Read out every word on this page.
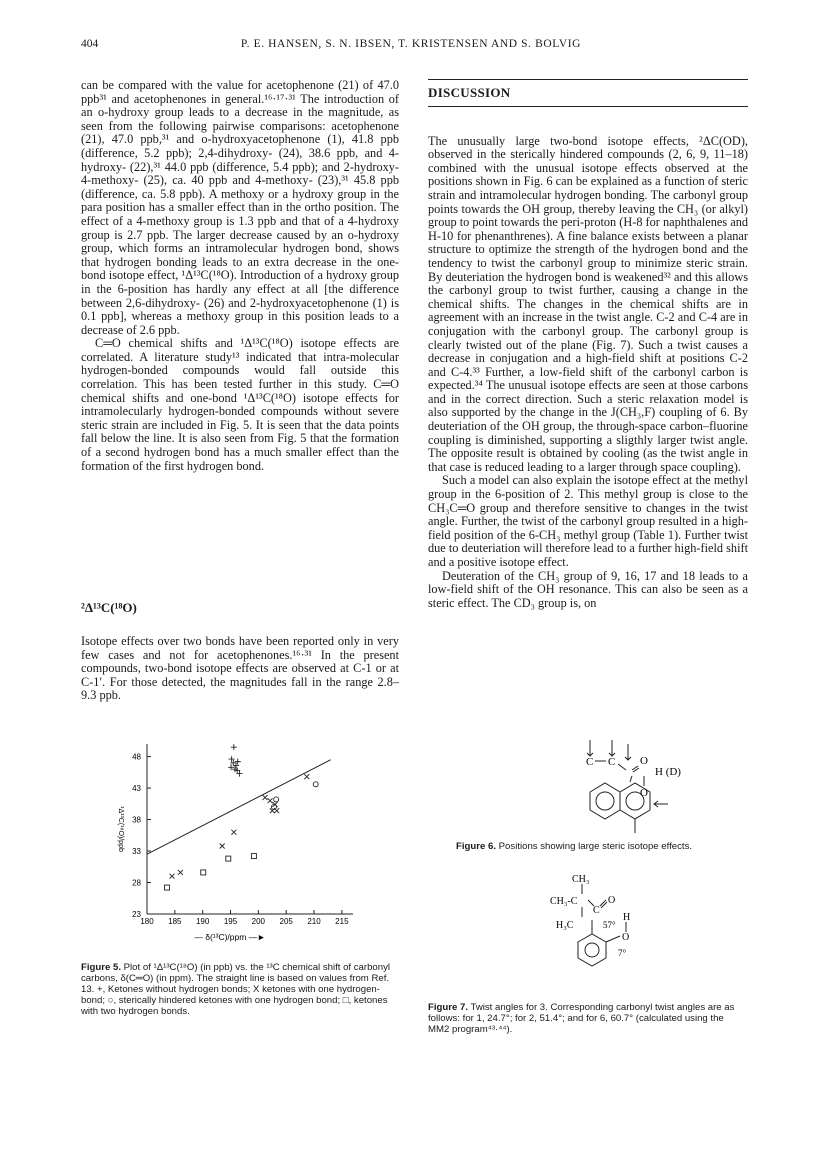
404	P. E. HANSEN, S. N. IBSEN, T. KRISTENSEN AND S. BOLVIG

can be compared with the value for acetophenone (21) of 47.0 ppb³¹ and acetophenones in general.¹⁶·¹⁷·³¹ The introduction of an o-hydroxy group leads to a decrease in the magnitude, as seen from the following pairwise comparisons: acetophenone (21), 47.0 ppb,³¹ and o-hydroxyacetophenone (1), 41.8 ppb (difference, 5.2 ppb); 2,4-dihydroxy- (24), 38.6 ppb, and 4-hydroxy- (22),³¹ 44.0 ppb (difference, 5.4 ppb); and 2-hydroxy-4-methoxy- (25), ca. 40 ppb and 4-methoxy- (23),³¹ 45.8 ppb (difference, ca. 5.8 ppb). A methoxy or a hydroxy group in the para position has a smaller effect than in the ortho position. The effect of a 4-methoxy group is 1.3 ppb and that of a 4-hydroxy group is 2.7 ppb. The larger decrease caused by an o-hydroxy group, which forms an intramolecular hydrogen bond, shows that hydrogen bonding leads to an extra decrease in the one-bond isotope effect, ¹Δ¹³C(¹⁸O). Introduction of a hydroxy group in the 6-position has hardly any effect at all [the difference between 2,6-dihydroxy- (26) and 2-hydroxyacetophenone (1) is 0.1 ppb], whereas a methoxy group in this position leads to a decrease of 2.6 ppb.

C═O chemical shifts and ¹Δ¹³C(¹⁸O) isotope effects are correlated. A literature study¹³ indicated that intra-molecular hydrogen-bonded compounds would fall outside this correlation. This has been tested further in this study. C═O chemical shifts and one-bond ¹Δ¹³C(¹⁸O) isotope effects for intramolecularly hydrogen-bonded compounds without severe steric strain are included in Fig. 5. It is seen that the data points fall below the line. It is also seen from Fig. 5 that the formation of a second hydrogen bond has a much smaller effect than the formation of the first hydrogen bond.

²Δ¹³C(¹⁸O)
Isotope effects over two bonds have been reported only in very few cases and not for acetophenones.¹⁶·³¹ In the present compounds, two-bond isotope effects are observed at C-1 or at C-1′. For those detected, the magnitudes fall in the range 2.8–9.3 ppb.
DISCUSSION

The unusually large two-bond isotope effects, ²ΔC(OD), observed in the sterically hindered compounds (2, 6, 9, 11–18) combined with the unusual isotope effects observed at the positions shown in Fig. 6 can be explained as a function of steric strain and intramolecular hydrogen bonding. The carbonyl group points towards the OH group, thereby leaving the CH₃ (or alkyl) group to point towards the peri-proton (H-8 for naphthalenes and H-10 for phenanthrenes). A fine balance exists between a planar structure to optimize the strength of the hydrogen bond and the tendency to twist the carbonyl group to minimize steric strain. By deuteriation the hydrogen bond is weakened³² and this allows the carbonyl group to twist further, causing a change in the chemical shifts. The changes in the chemical shifts are in agreement with an increase in the twist angle. C-2 and C-4 are in conjugation with the carbonyl group. The carbonyl group is clearly twisted out of the plane (Fig. 7). Such a twist causes a decrease in conjugation and a high-field shift at positions C-2 and C-4.³³ Further, a low-field shift of the carbonyl carbon is expected.³⁴ The unusual isotope effects are seen at those carbons and in the correct direction. Such a steric relaxation model is also supported by the change in the J(CH₃,F) coupling of 6. By deuteriation of the OH group, the through-space carbon–fluorine coupling is diminished, supporting a sligthly larger twist angle. The opposite result is obtained by cooling (as the twist angle in that case is reduced leading to a larger through space coupling).

Such a model can also explain the isotope effect at the methyl group in the 6-position of 2. This methyl group is close to the CH₃C═O group and therefore sensitive to changes in the twist angle. Further, the twist of the carbonyl group resulted in a high-field position of the 6-CH₃ methyl group (Table 1). Further twist due to deuteriation will therefore lead to a further high-field shift and a positive isotope effect.

Deuteration of the CH₃ group of 9, 16, 17 and 18 leads to a low-field shift of the OH resonance. This can also be seen as a steric effect. The CD₃ group is, on

23
28
33
38
43
48
180 185 190 195 200 205 210 215
— δ(¹³C)/ppm —►
¹Δ¹³C(¹⁸O)/ppb
Figure 5. Plot of ¹Δ¹³C(¹⁸O) (in ppb) vs. the ¹³C chemical shift of carbonyl carbons, δ(C═O) (in ppm). The straight line is based on values from Ref. 13. +, Ketones without hydrogen bonds; X ketones with one hydrogen-bond; ○, sterically hindered ketones with one hydrogen bond; □, ketones with two hydrogen bonds.
C C O
H (D)
O
Figure 6. Positions showing large steric isotope effects.
CH₃
CH₃-C
C
O
H
H₃C	57°
O
7°
Figure 7. Twist angles for 3. Corresponding carbonyl twist angles are as follows: for 1, 24.7°; for 2, 51.4°; and for 6, 60.7° (calculated using the MM2 program⁴³·⁴⁴).
